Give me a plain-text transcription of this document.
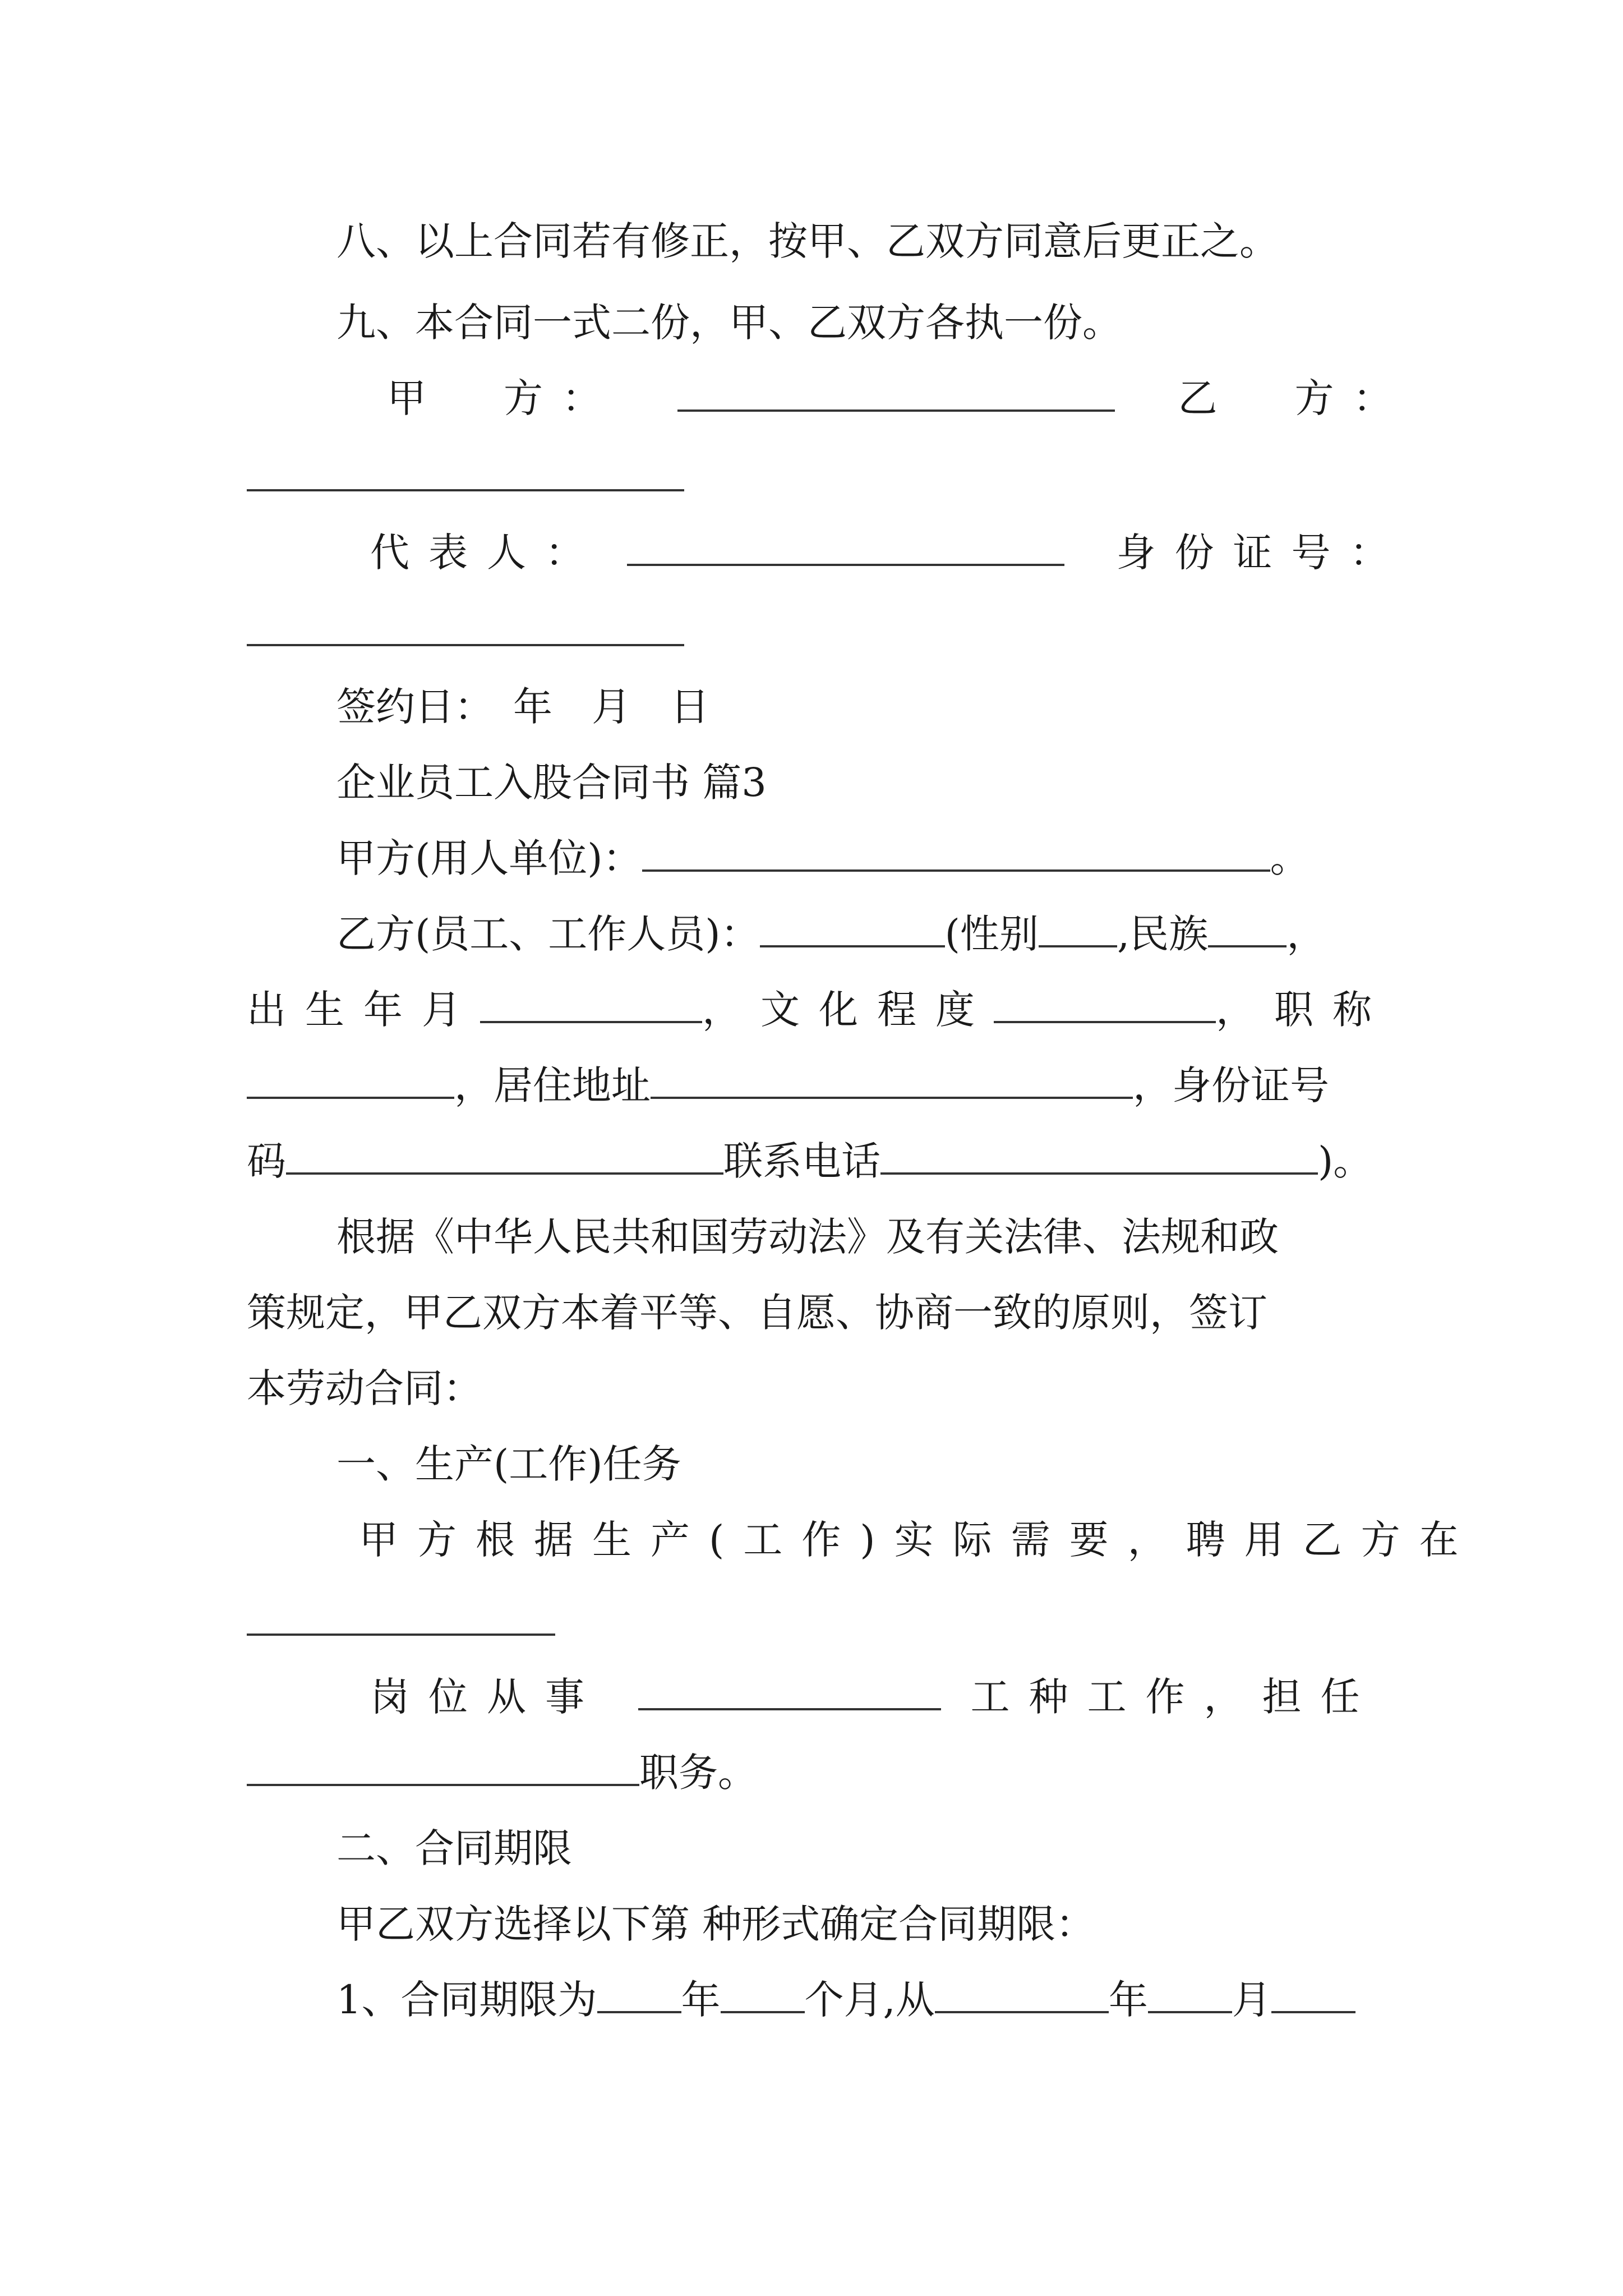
八、以上合同若有修正，按甲、乙双方同意后更正之。
九、本合同一式二份，甲、乙双方各执一份。
甲　方：	乙　方：
代表人：	身份证号：
签约日：　年　月　日
企业员工入股合同书 篇3
甲方(用人单位)：	。
乙方(员工、工作人员)：	(性别 ,民族 ，
出生年月	，文化程度	，职称
，居住地址	，身份证号
码	联系电话	)。
根据《中华人民共和国劳动法》及有关法律、法规和政
策规定，甲乙双方本着平等、自愿、协商一致的原则，签订
本劳动合同：
一、生产(工作)任务
甲方根据生产(工作)实际需要，聘用乙方在
岗位从事	工种工作，担任
职务。
二、合同期限
甲乙双方选择以下第 种形式确定合同期限：
1、合同期限为 年 个月,从	年 月
